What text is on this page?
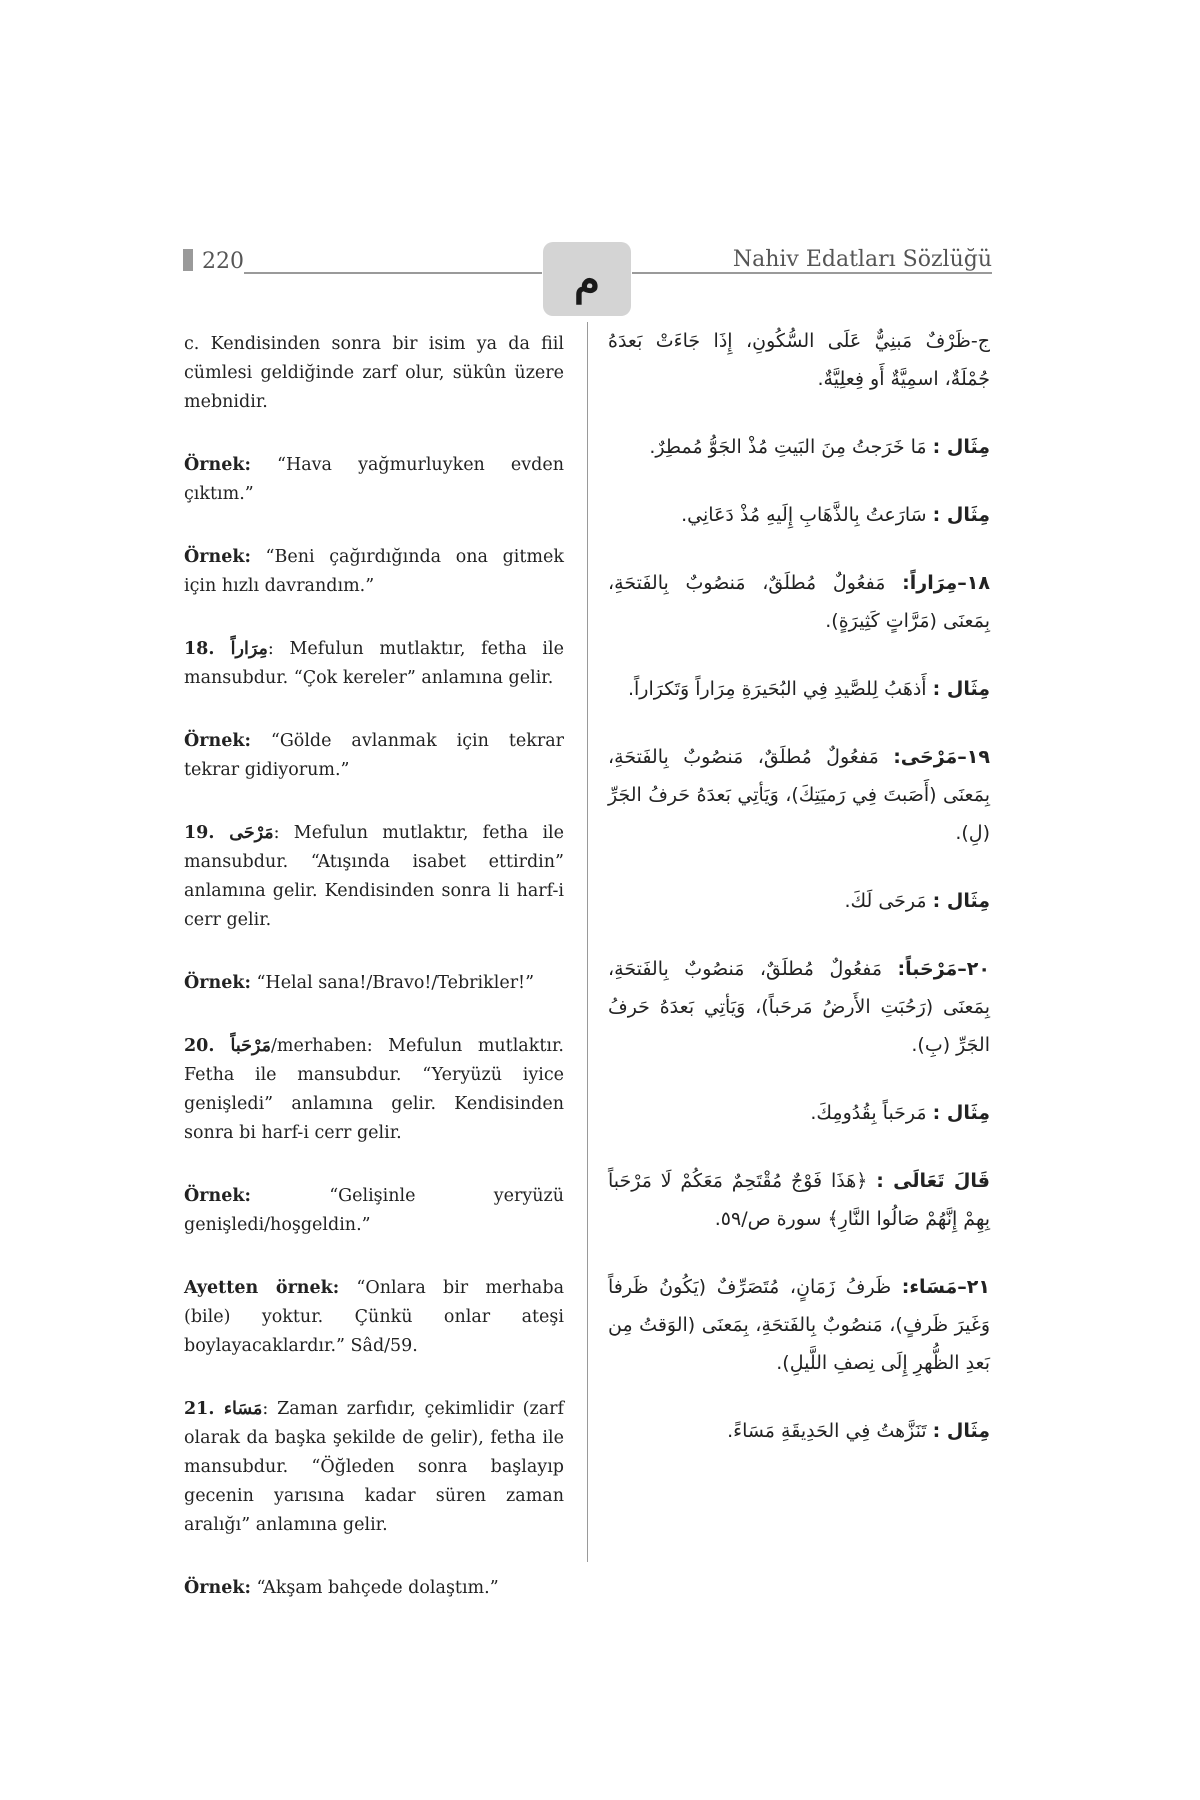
220	م	Nahiv Edatları Sözlüğü

c. Kendisinden sonra bir isim ya da fiil cümlesi geldiğinde zarf olur, sükûn üzere mebnidir.

Örnek: “Hava yağmurluyken evden çıktım.”

Örnek: “Beni çağırdığında ona gitmek için hızlı davrandım.”

18. مِرَاراً: Mefulun mutlaktır, fetha ile mansubdur. “Çok kereler” anlamına gelir.

Örnek: “Gölde avlanmak için tekrar tekrar gidiyorum.”

19. مَرْحَى: Mefulun mutlaktır, fetha ile mansubdur. “Atışında isabet ettirdin” anlamına gelir. Kendisinden sonra li harf-i cerr gelir.

Örnek: “Helal sana!/Bravo!/Tebrikler!”

20. مَرْحَباً/merhaben: Mefulun mutlaktır. Fetha ile mansubdur. “Yeryüzü iyice genişledi” anlamına gelir. Kendisinden sonra bi harf-i cerr gelir.

Örnek: “Gelişinle yeryüzü genişledi/hoşgeldin.”

Ayetten örnek: “Onlara bir merhaba (bile) yoktur. Çünkü onlar ateşi boylayacaklardır.” Sâd/59.

21. مَسَاء: Zaman zarfıdır, çekimlidir (zarf olarak da başka şekilde de gelir), fetha ile mansubdur. “Öğleden sonra başlayıp gecenin yarısına kadar süren zaman aralığı” anlamına gelir.

Örnek: “Akşam bahçede dolaştım.”

ج-ظَرْفٌ مَبنِيٌّ عَلَى السُّكُونِ، إِذَا جَاءَتْ بَعدَهُ جُمْلَةٌ، اسمِيَّةٌ أَو فِعلِيَّةٌ.

مِثَال : مَا خَرَجتُ مِنَ البَيتِ مُذْ الجَوُّ مُمطِرٌ.

مِثَال : سَارَعتُ بِالذَّهَابِ إِلَيهِ مُذْ دَعَانِي.

١٨–مِرَاراً: مَفعُولٌ مُطلَقٌ، مَنصُوبٌ بِالفَتحَةِ، بِمَعنَى (مَرَّاتٍ كَثِيرَةٍ).

مِثَال : أَذهَبُ لِلصَّيدِ فِي البُحَيرَةِ مِرَاراً وَتَكرَاراً.

١٩–مَرْحَى: مَفعُولٌ مُطلَقٌ، مَنصُوبٌ بِالفَتحَةِ، بِمَعنَى (أَصَبتَ فِي رَميَتِكَ)، وَيَأتِي بَعدَهُ حَرفُ الجَرِّ (لِ).

مِثَال : مَرحَى لَكَ.

٢٠–مَرْحَباً: مَفعُولٌ مُطلَقٌ، مَنصُوبٌ بِالفَتحَةِ، بِمَعنَى (رَحُبَتِ الأَرضُ مَرحَباً)، وَيَأتِي بَعدَهُ حَرفُ الجَرِّ (بِ).

مِثَال : مَرحَباً بِقُدُومِكَ.

قَالَ تَعَالَى : ﴿هَذَا فَوْجٌ مُقْتَحِمٌ مَعَكُمْ لَا مَرْحَباً بِهِمْ إِنَّهُمْ صَالُوا النَّارِ﴾ سورة ص/٥٩.

٢١–مَسَاء: ظَرفُ زَمَانٍ، مُتَصَرِّفٌ (يَكُونُ ظَرفاً وَغَيرَ ظَرفٍ)، مَنصُوبٌ بِالفَتحَةِ، بِمَعنَى (الوَقتُ مِن بَعدِ الظُّهرِ إِلَى نِصفِ اللَّيلِ).

مِثَال : تَنَزَّهتُ فِي الحَدِيقَةِ مَسَاءً.
